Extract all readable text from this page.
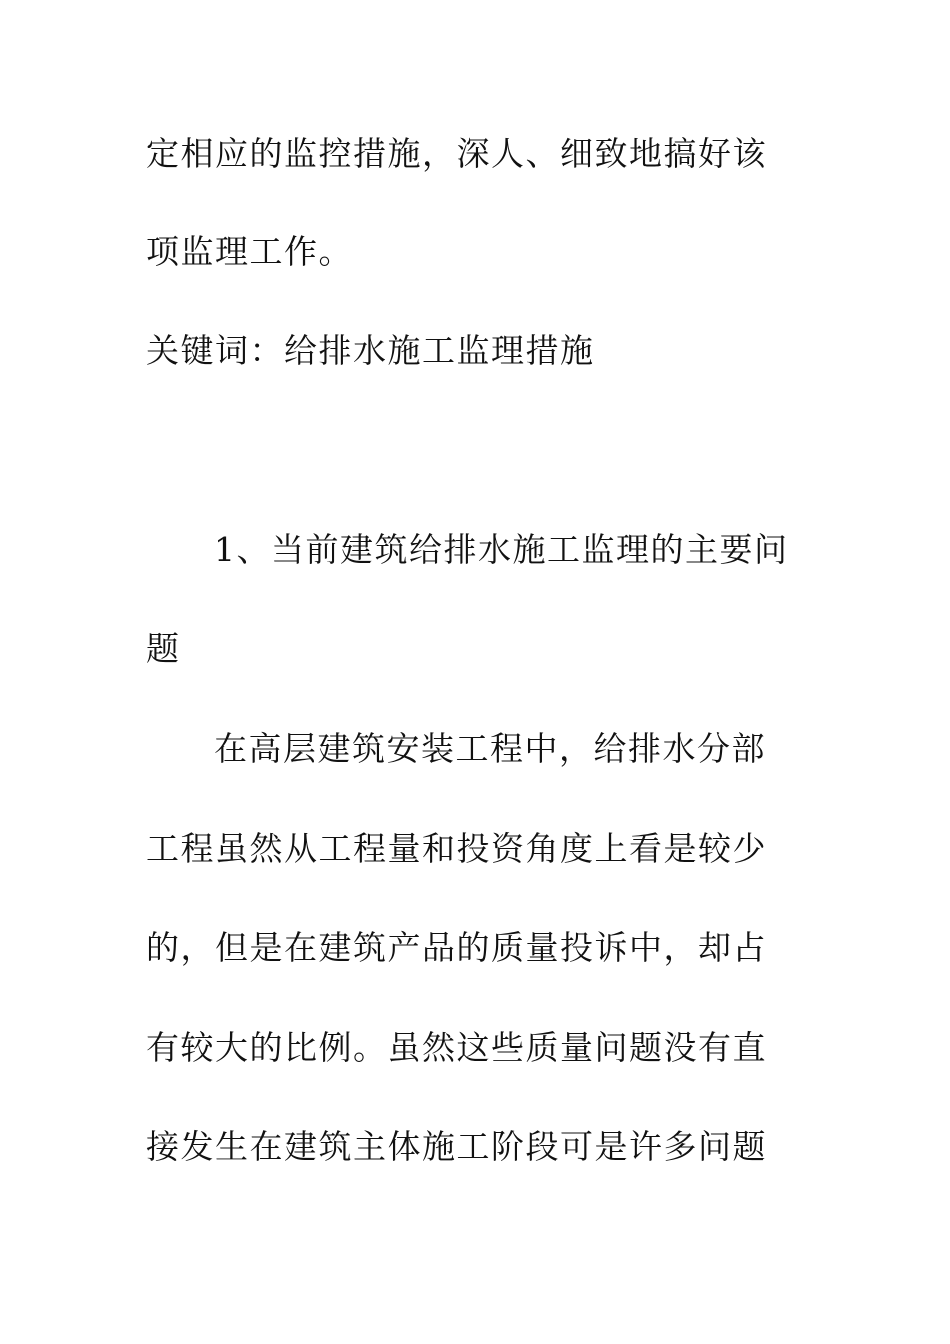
定相应的监控措施，深人、细致地搞好该
项监理工作。
关键词：给排水施工监理措施
1、当前建筑给排水施工监理的主要问
题
在高层建筑安装工程中，给排水分部
工程虽然从工程量和投资角度上看是较少
的，但是在建筑产品的质量投诉中，却占
有较大的比例。虽然这些质量问题没有直
接发生在建筑主体施工阶段可是许多问题
